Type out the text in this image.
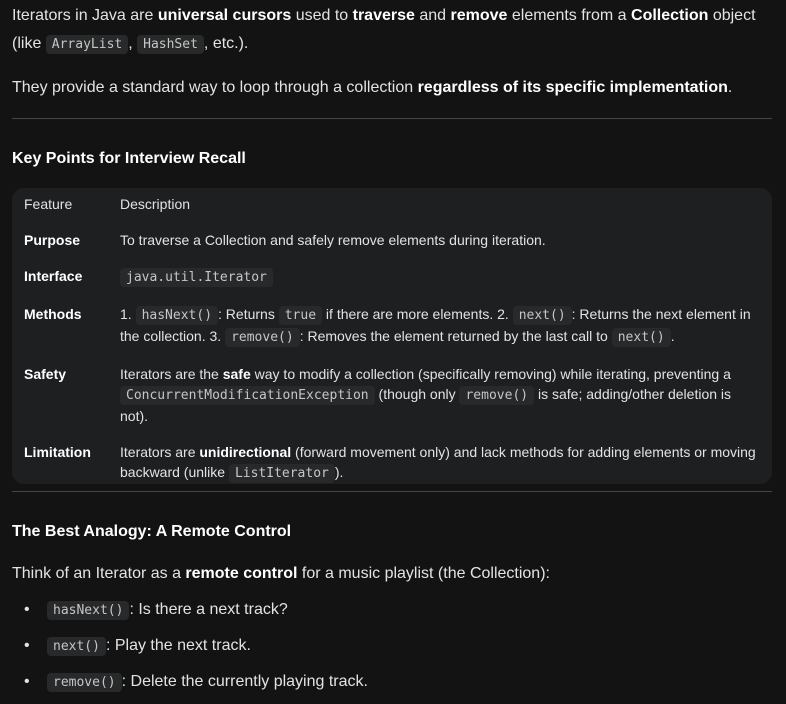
Iterators in Java are universal cursors used to traverse and remove elements from a Collection object (like ArrayList , HashSet , etc.).

They provide a standard way to loop through a collection regardless of its specific implementation.

Key Points for Interview Recall
Feature	Description
Purpose	To traverse a Collection and safely remove elements during iteration.
Interface	java.util.Iterator
Methods	1. hasNext() : Returns true if there are more elements. 2. next() : Returns the next element in the collection. 3. remove() : Removes the element returned by the last call to next() .
Safety	Iterators are the safe way to modify a collection (specifically removing) while iterating, preventing a ConcurrentModificationException (though only remove() is safe; adding/other deletion is not).
Limitation	Iterators are unidirectional (forward movement only) and lack methods for adding elements or moving backward (unlike ListIterator ).
The Best Analogy: A Remote Control

Think of an Iterator as a remote control for a music playlist (the Collection):

• hasNext() : Is there a next track?
• next() : Play the next track.
• remove() : Delete the currently playing track.
